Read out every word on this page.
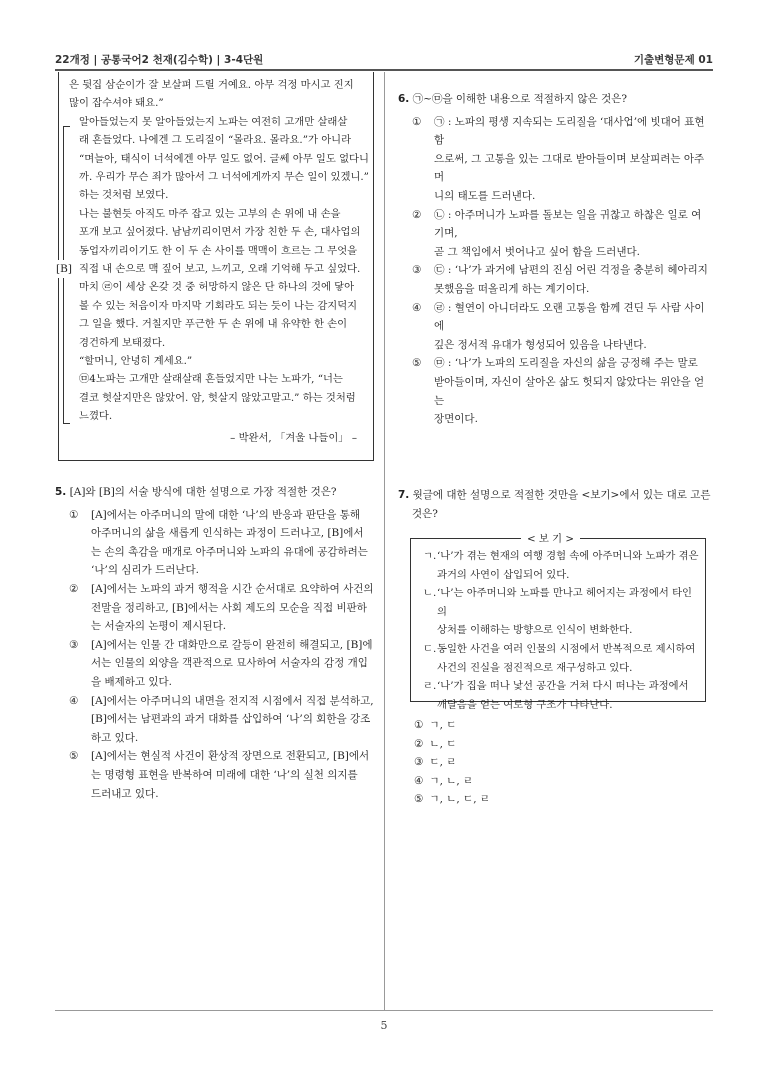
22개정 | 공통국어2 천재(김수학) | 3-4단원	기출변형문제 01
[B]
은 뒷집 삼순이가 잘 보살펴 드릴 거예요. 아무 걱정 마시고 진지
많이 잡수셔야 돼요.”
알아들었는지 못 알아들었는지 노파는 여전히 고개만 살래살
래 흔들었다. 나에겐 그 도리질이 “몰라요. 몰라요.”가 아니라
“며늘아, 태식이 너석에겐 아무 일도 없어. 글쎄 아무 일도 없다니
까. 우리가 무슨 죄가 많아서 그 너석에게까지 무슨 일이 있겠니.”
하는 것처럼 보였다.
나는 불현듯 아직도 마주 잡고 있는 고부의 손 위에 내 손을
포개 보고 싶어졌다. 남남끼리이면서 가장 친한 두 손, 대사업의
동업자끼리이기도 한 이 두 손 사이를 맥맥이 흐르는 그 무엇을
직접 내 손으로 맥 짚어 보고, 느끼고, 오래 기억해 두고 싶었다.
마치 ㉣이 세상 온갖 것 중 허망하지 않은 단 하나의 것에 닿아
볼 수 있는 처음이자 마지막 기회라도 되는 듯이 나는 감지덕지
그 일을 했다. 거칠지만 푸근한 두 손 위에 내 유약한 한 손이
경건하게 보태졌다.
“할머니, 안녕히 계세요.”
㉤4노파는 고개만 살래살래 흔들었지만 나는 노파가, “너는
결코 헛살지만은 않았어. 암, 헛살지 않았고말고.” 하는 것처럼
느꼈다.
– 박완서, 「겨울 나들이」 –
5. [A]와 [B]의 서술 방식에 대한 설명으로 가장 적절한 것은?
① [A]에서는 아주머니의 말에 대한 ‘나’의 반응과 판단을 통해
아주머니의 삶을 새롭게 인식하는 과정이 드러나고, [B]에서
는 손의 촉감을 매개로 아주머니와 노파의 유대에 공감하려는
‘나’의 심리가 드러난다.
② [A]에서는 노파의 과거 행적을 시간 순서대로 요약하여 사건의
전말을 정리하고, [B]에서는 사회 제도의 모순을 직접 비판하
는 서술자의 논평이 제시된다.
③ [A]에서는 인물 간 대화만으로 갈등이 완전히 해결되고, [B]에
서는 인물의 외양을 객관적으로 묘사하여 서술자의 감정 개입
을 배제하고 있다.
④ [A]에서는 아주머니의 내면을 전지적 시점에서 직접 분석하고,
[B]에서는 남편과의 과거 대화를 삽입하여 ‘나’의 회한을 강조
하고 있다.
⑤ [A]에서는 현실적 사건이 환상적 장면으로 전환되고, [B]에서
는 명령형 표현을 반복하여 미래에 대한 ‘나’의 실천 의지를
드러내고 있다.
6. ㉠~㉤을 이해한 내용으로 적절하지 않은 것은?
① ㉠ : 노파의 평생 지속되는 도리질을 ‘대사업’에 빗대어 표현함
으로써, 그 고통을 있는 그대로 받아들이며 보살피려는 아주머
니의 태도를 드러낸다.
② ㉡ : 아주머니가 노파를 돌보는 일을 귀찮고 하찮은 일로 여기며,
곧 그 책임에서 벗어나고 싶어 함을 드러낸다.
③ ㉢ : ‘나’가 과거에 남편의 진심 어린 걱정을 충분히 헤아리지
못했음을 떠올리게 하는 계기이다.
④ ㉣ : 혈연이 아니더라도 오랜 고통을 함께 견딘 두 사람 사이에
깊은 정서적 유대가 형성되어 있음을 나타낸다.
⑤ ㉤ : ‘나’가 노파의 도리질을 자신의 삶을 긍정해 주는 말로
받아들이며, 자신이 살아온 삶도 헛되지 않았다는 위안을 얻는
장면이다.
7. 윗글에 대한 설명으로 적절한 것만을 <보기>에서 있는 대로 고른
것은?
< 보 기 >
ㄱ. ‘나’가 겪는 현재의 여행 경험 속에 아주머니와 노파가 겪은
과거의 사연이 삽입되어 있다.
ㄴ. ‘나’는 아주머니와 노파를 만나고 헤어지는 과정에서 타인의
상처를 이해하는 방향으로 인식이 변화한다.
ㄷ. 동일한 사건을 여러 인물의 시점에서 반복적으로 제시하여
사건의 진실을 점진적으로 재구성하고 있다.
ㄹ. ‘나’가 집을 떠나 낯선 공간을 거쳐 다시 떠나는 과정에서
깨달음을 얻는 여로형 구조가 나타난다.
① ㄱ, ㄷ
② ㄴ, ㄷ
③ ㄷ, ㄹ
④ ㄱ, ㄴ, ㄹ
⑤ ㄱ, ㄴ, ㄷ, ㄹ
5
